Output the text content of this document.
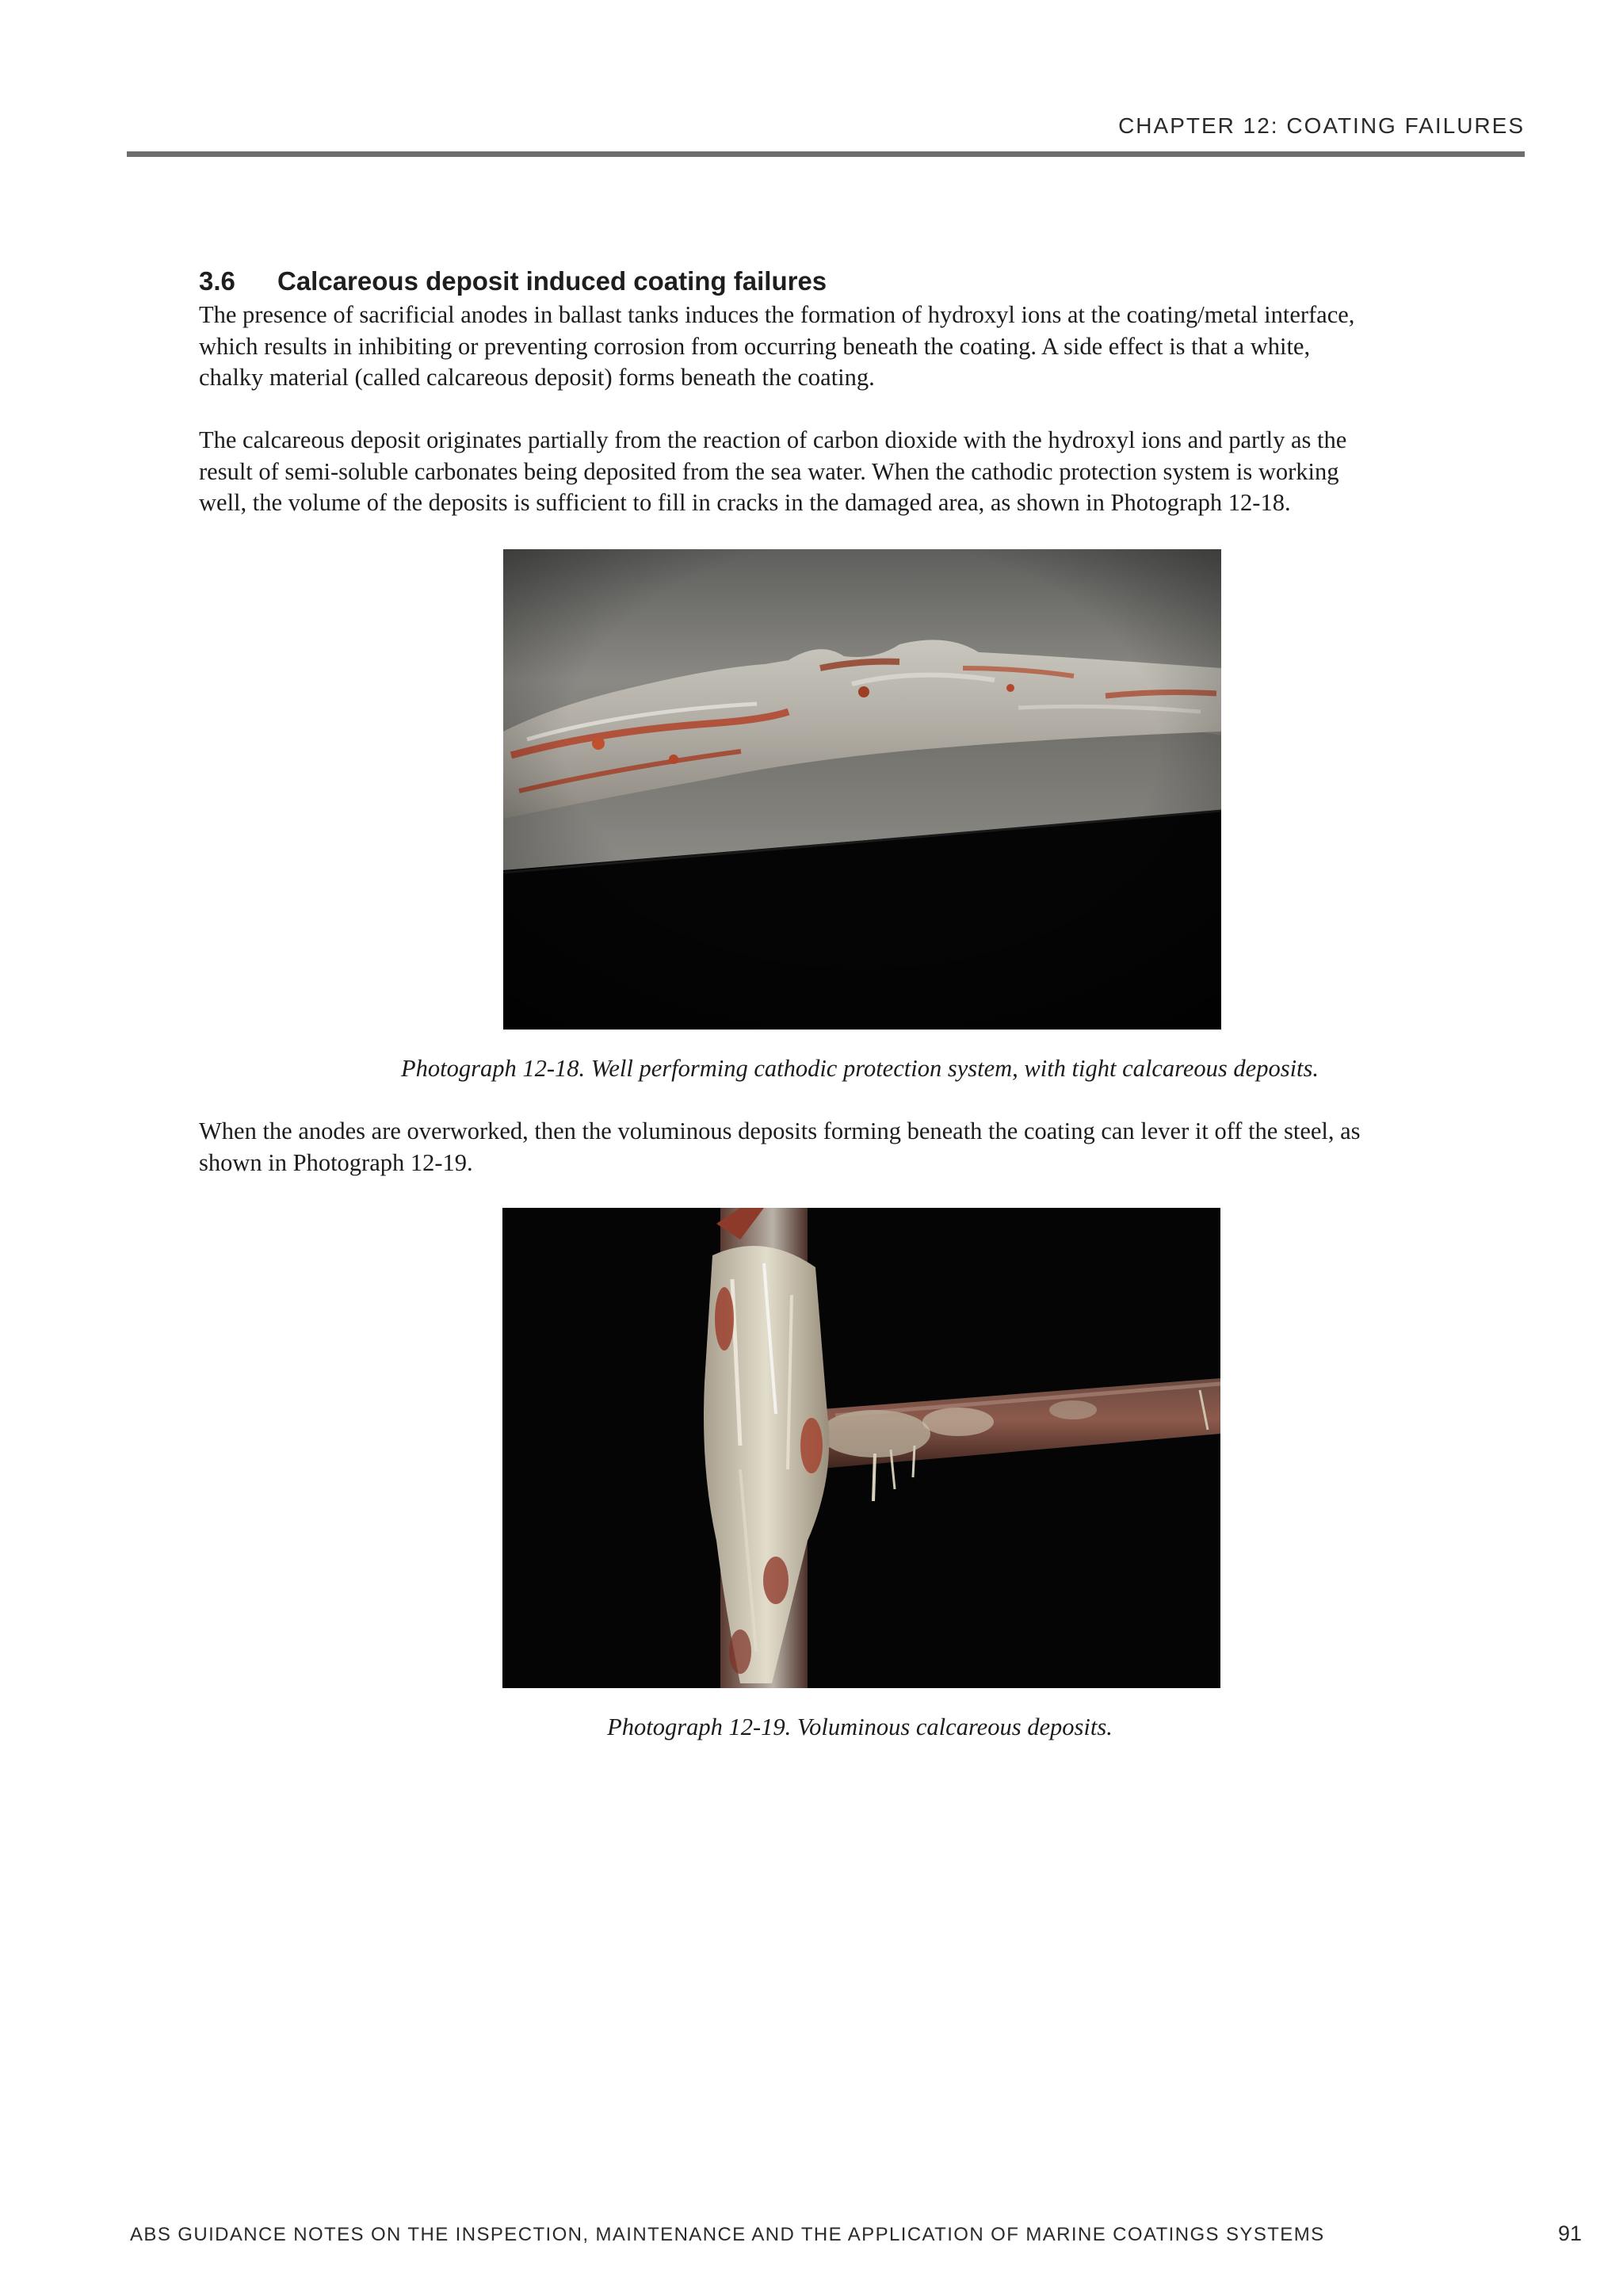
CHAPTER 12: COATING FAILURES
3.6 Calcareous deposit induced coating failures
The presence of sacrificial anodes in ballast tanks induces the formation of hydroxyl ions at the coating/metal interface,
which results in inhibiting or preventing corrosion from occurring beneath the coating. A side effect is that a white,
chalky material (called calcareous deposit) forms beneath the coating.
The calcareous deposit originates partially from the reaction of carbon dioxide with the hydroxyl ions and partly as the
result of semi-soluble carbonates being deposited from the sea water. When the cathodic protection system is working
well, the volume of the deposits is sufficient to fill in cracks in the damaged area, as shown in Photograph 12-18.
Photograph 12-18. Well performing cathodic protection system, with tight calcareous deposits.
When the anodes are overworked, then the voluminous deposits forming beneath the coating can lever it off the steel, as
shown in Photograph 12-19.
Photograph 12-19. Voluminous calcareous deposits.
ABS GUIDANCE NOTES ON THE INSPECTION, MAINTENANCE AND THE APPLICATION OF MARINE COATINGS SYSTEMS	91
